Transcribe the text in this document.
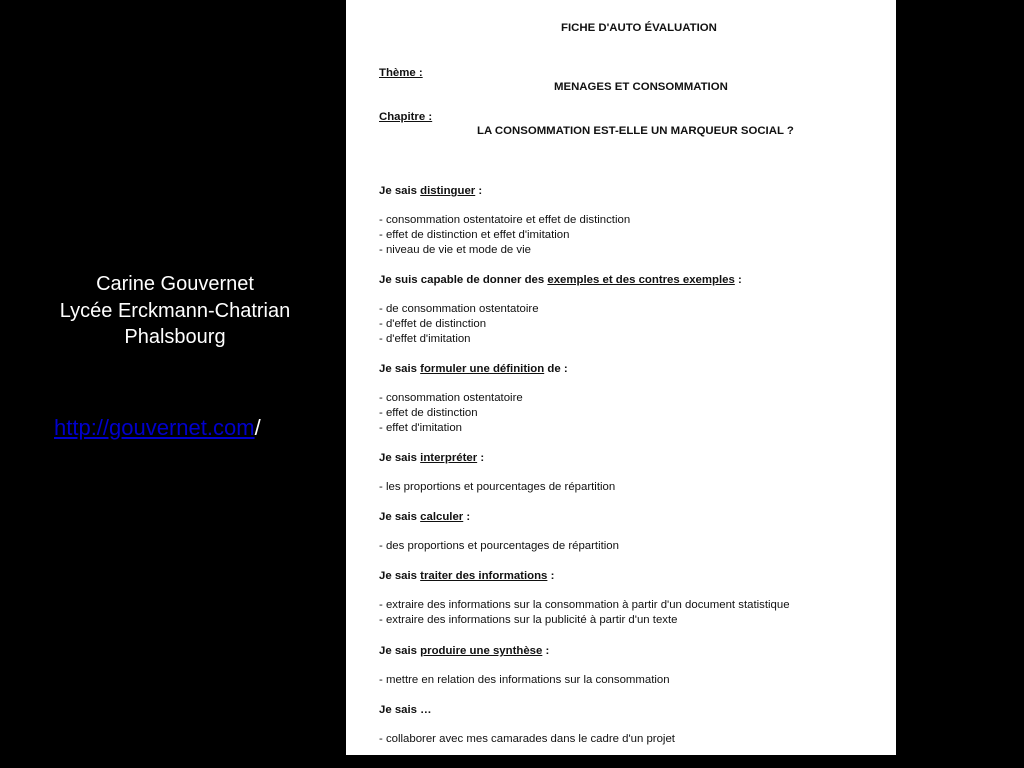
Carine Gouvernet
Lycée Erckmann-Chatrian
Phalsbourg
http://gouvernet.com/
FICHE D'AUTO ÉVALUATION
Thème :
MENAGES ET CONSOMMATION
Chapitre :
LA CONSOMMATION EST-ELLE UN MARQUEUR SOCIAL ?
Je sais distinguer :
- consommation ostentatoire et effet de distinction
- effet de distinction et effet d'imitation
- niveau de vie et mode de vie
Je suis capable de donner des exemples et des contres exemples :
- de consommation ostentatoire
- d'effet de distinction
- d'effet d'imitation
Je sais formuler une définition de :
- consommation ostentatoire
- effet de distinction
- effet d'imitation
Je sais interpréter :
- les proportions et pourcentages de répartition
Je sais calculer :
- des proportions et pourcentages de répartition
Je sais traiter des informations :
- extraire des informations sur la consommation à partir d'un document statistique
- extraire des informations sur la publicité à partir d'un texte
Je sais produire une synthèse :
- mettre en relation des informations sur la consommation
Je sais …
- collaborer avec mes camarades dans le cadre d'un projet
